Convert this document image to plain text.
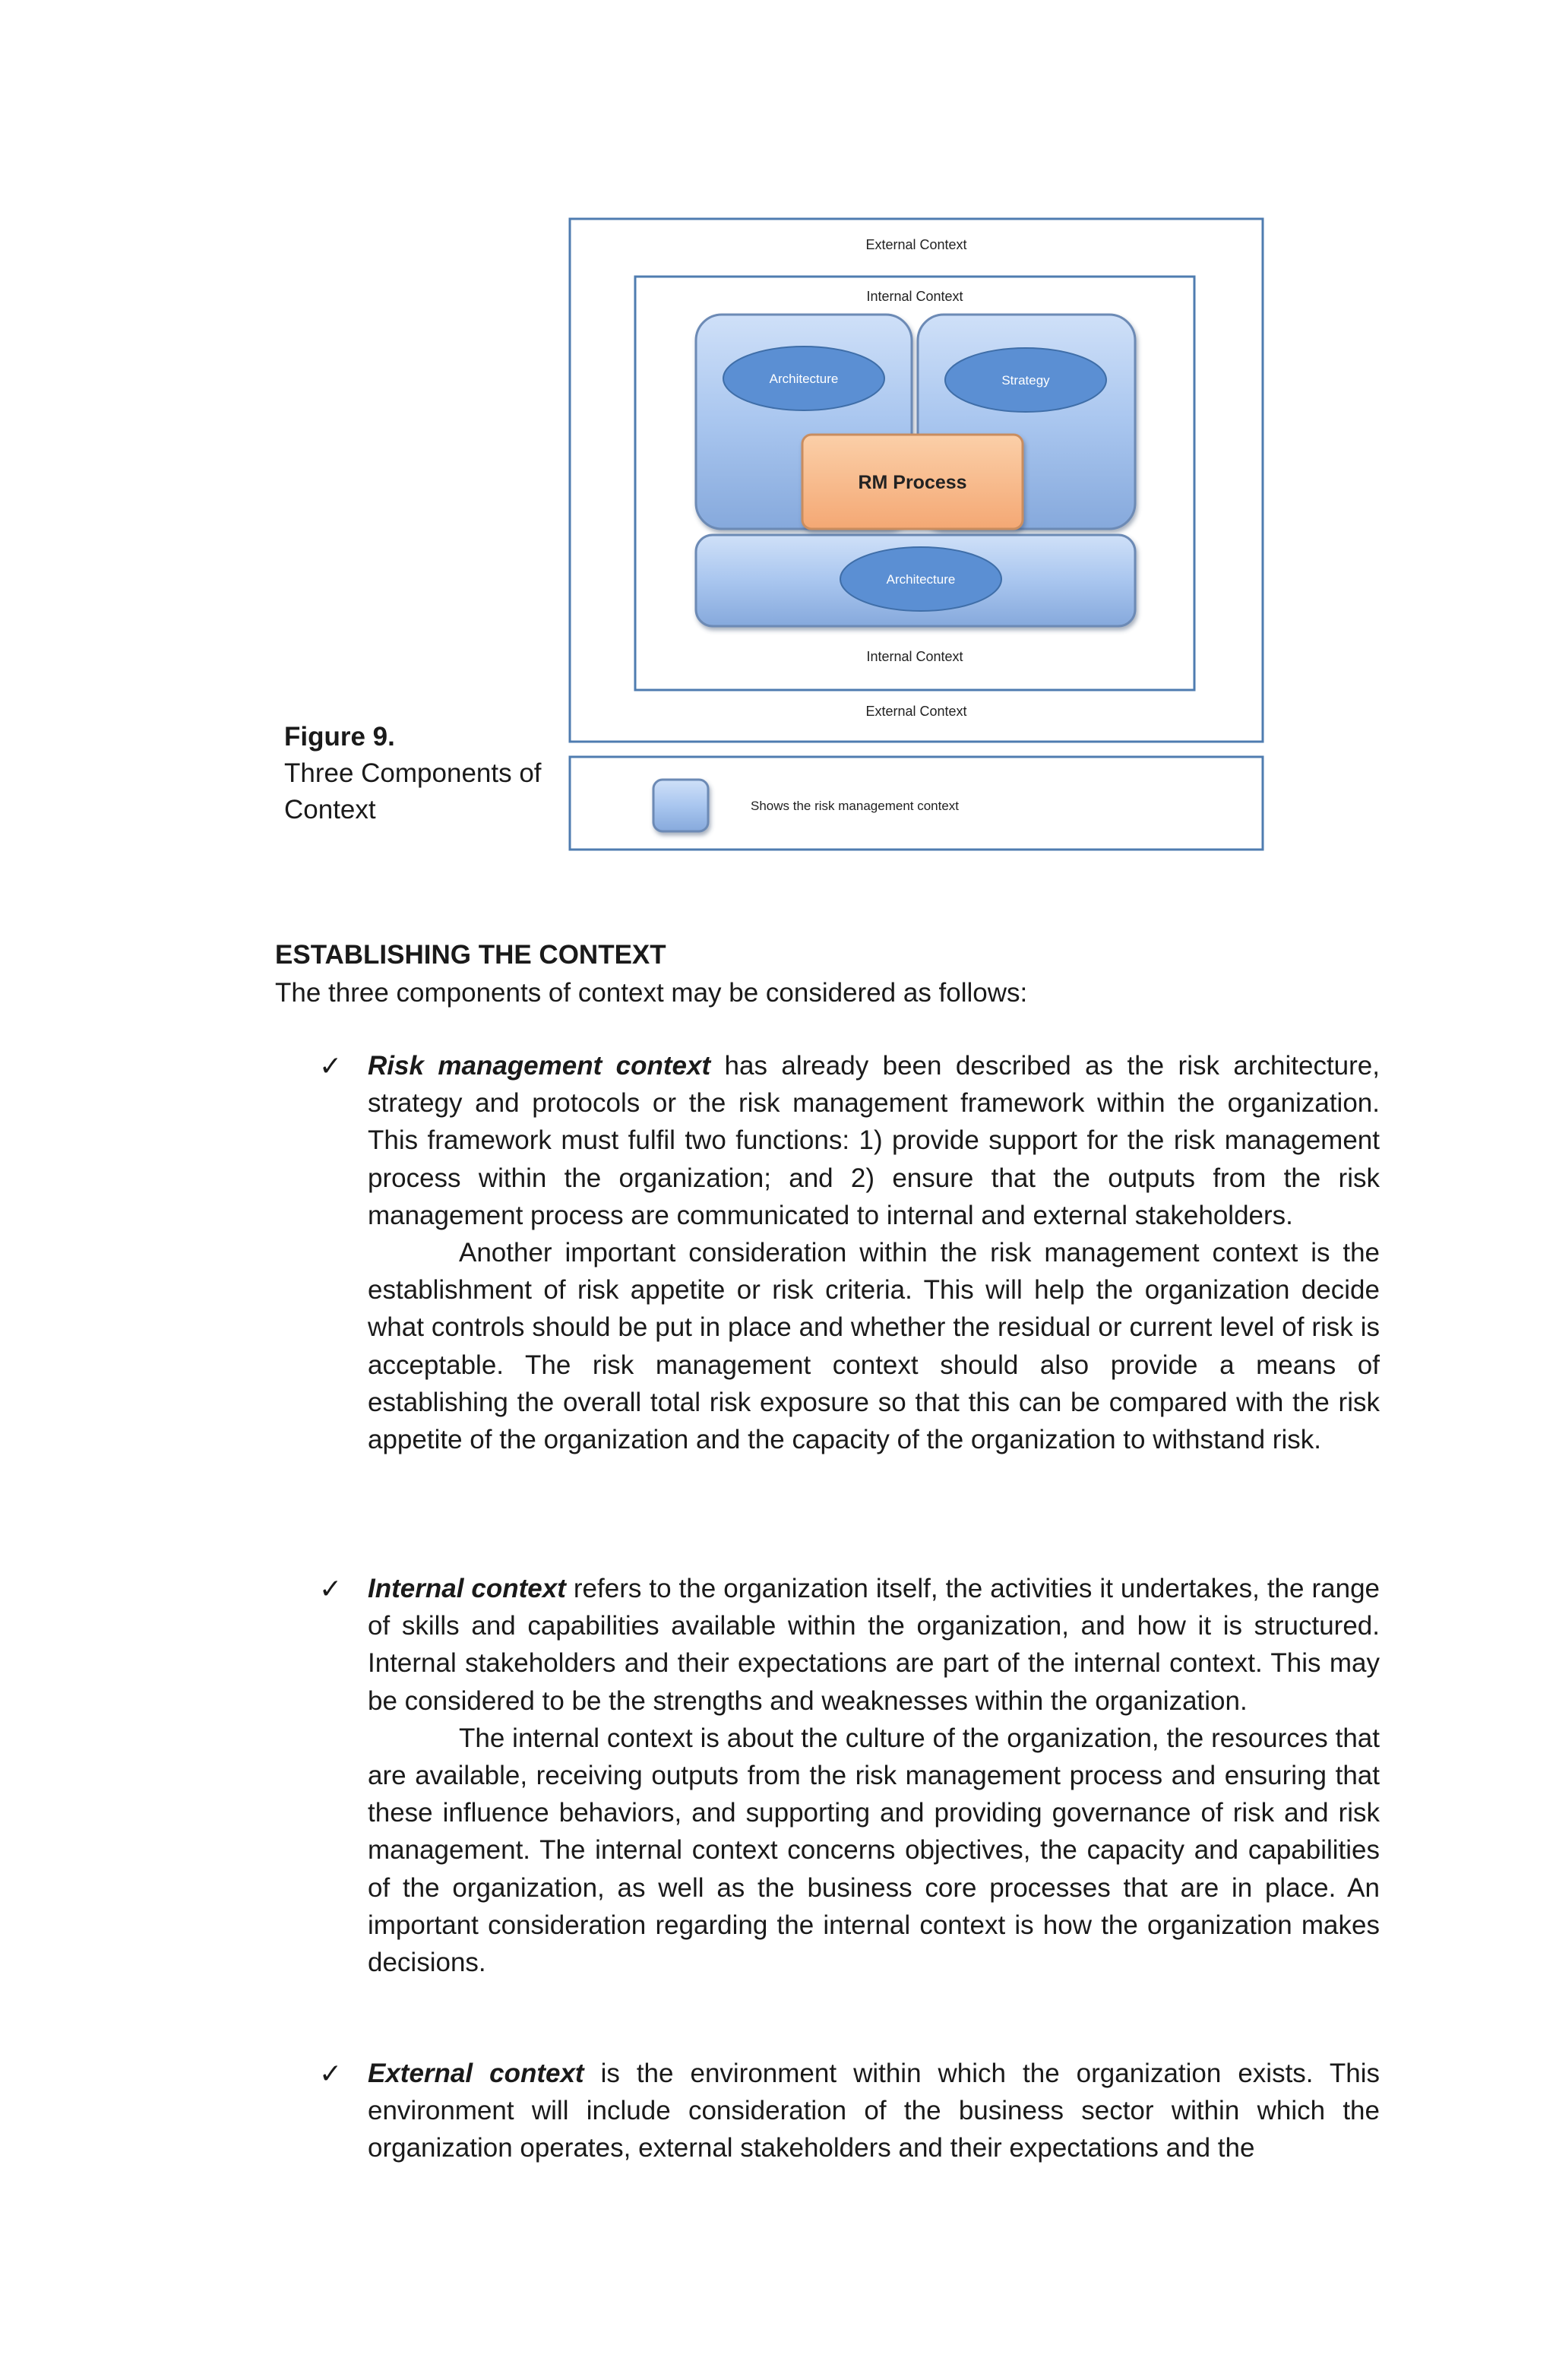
Figure 9.
Three Components of
Context
External Context
Internal Context
Architecture	Strategy
Architecture
RM Process
Internal Context
External Context
Shows the risk management context
ESTABLISHING THE CONTEXT
The three components of context may be considered as follows:
✓ Risk management context has already been described as the risk architecture, strategy and protocols or the risk management framework within the organization. This framework must fulfil two functions: 1) provide support for the risk management process within the organization; and 2) ensure that the outputs from the risk management process are communicated to internal and external stakeholders.

Another important consideration within the risk management context is the establishment of risk appetite or risk criteria. This will help the organization decide what controls should be put in place and whether the residual or current level of risk is acceptable. The risk management context should also provide a means of establishing the overall total risk exposure so that this can be compared with the risk appetite of the organization and the capacity of the organization to withstand risk.

✓ Internal context refers to the organization itself, the activities it undertakes, the range of skills and capabilities available within the organization, and how it is structured. Internal stakeholders and their expectations are part of the internal context. This may be considered to be the strengths and weaknesses within the organization.

The internal context is about the culture of the organization, the resources that are available, receiving outputs from the risk management process and ensuring that these influence behaviors, and supporting and providing governance of risk and risk management. The internal context concerns objectives, the capacity and capabilities of the organization, as well as the business core processes that are in place. An important consideration regarding the internal context is how the organization makes decisions.

✓ External context is the environment within which the organization exists. This environment will include consideration of the business sector within which the organization operates, external stakeholders and their expectations and the
